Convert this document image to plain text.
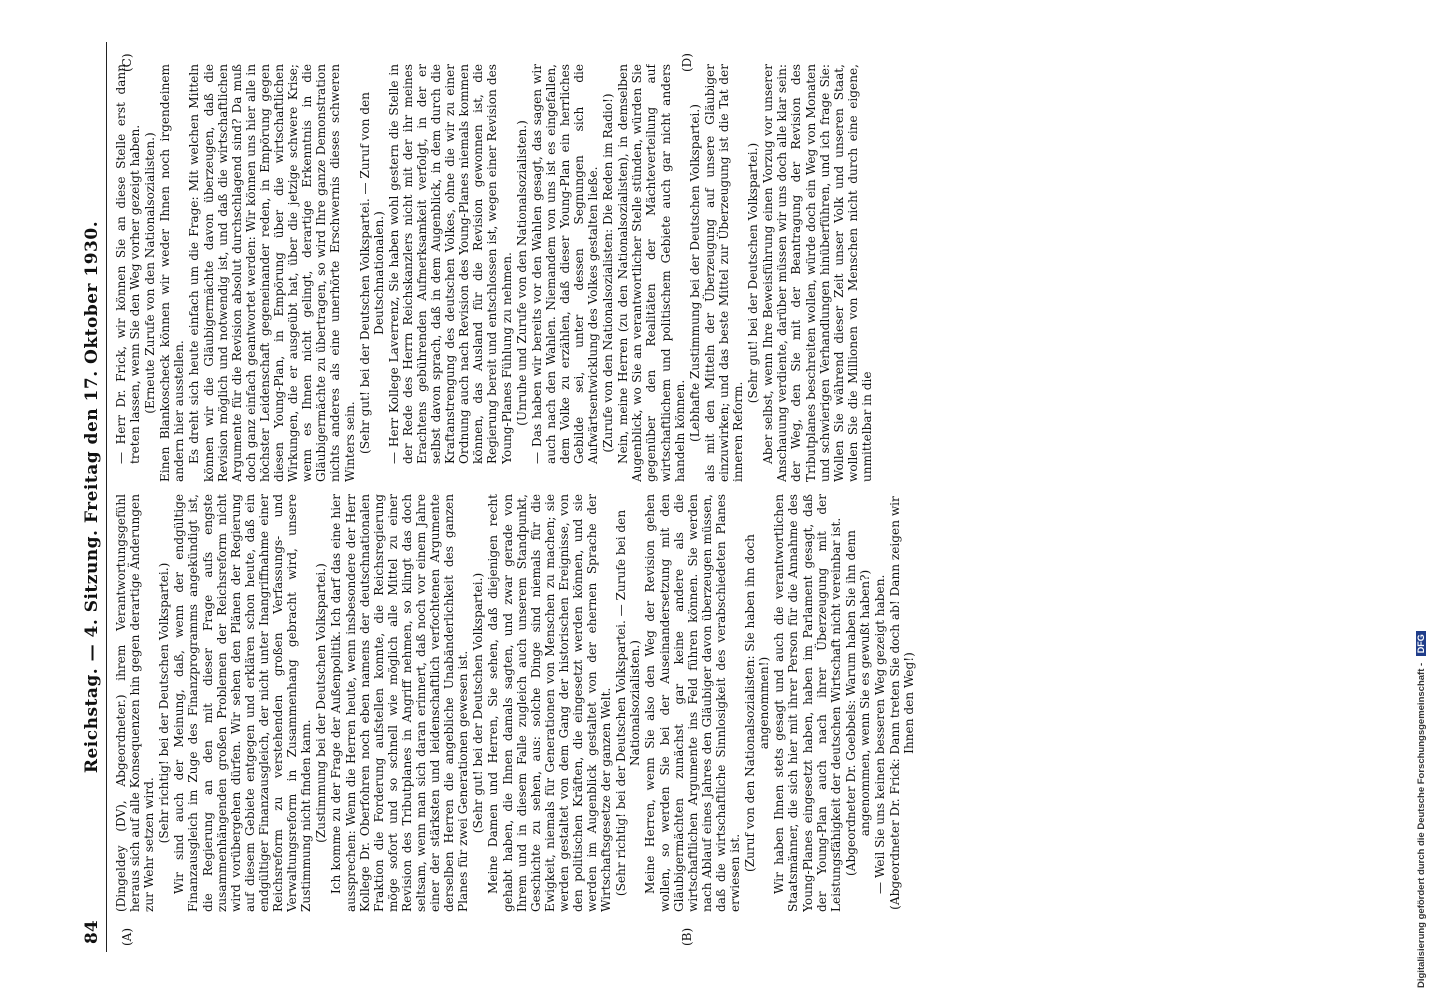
84
Reichstag. — 4. Sitzung. Freitag den 17. Oktober 1930.
(A)	(B)
(C)	(D)

(Dingeldey (DV), Abgeordneter.) ihrem Verantwortungsgefühl heraus sich auf alle Konsequenzen hin gegen derartige Änderungen zur Wehr setzen wird.

(Sehr richtig! bei der Deutschen Volkspartei.) Wir sind auch der Meinung, daß, wenn der endgültige Finanzausgleich im Zuge des Finanzprogramms angekündigt ist, die Regierung an den mit dieser Frage aufs engste zusammenhängenden großen Problemen der Reichsreform nicht wird vorübergehen dürfen. Wir sehen den Plänen der Regierung auf diesem Gebiete entgegen und erklären schon heute, daß ein endgültiger Finanzausgleich, der nicht unter Inangriffnahme einer Reichsreform zu verstehenden großen Verfassungs- und Verwaltungsreform in Zusammenhang gebracht wird, unsere Zustimmung nicht finden kann. (Zustimmung bei der Deutschen Volkspartei.) Ich komme zu der Frage der Außenpolitik. Ich darf das eine hier aussprechen: Wenn die Herren heute, wenn insbesondere der Herr Kollege Dr. Oberfohren noch eben namens der deutschnationalen Fraktion die Forderung aufstellen konnte, die Reichsregierung möge sofort und so schnell wie möglich alle Mittel zu einer Revision des Tributplanes in Angriff nehmen, so klingt das doch seltsam, wenn man sich daran erinnert, daß noch vor einem Jahre einer der stärksten und leidenschaftlich verfochtenen Argumente derselben Herren die angebliche Unabänderlichkeit des ganzen Planes für zwei Generationen gewesen ist. (Sehr gut! bei der Deutschen Volkspartei.) Meine Damen und Herren, Sie sehen, daß diejenigen recht gehabt haben, die Ihnen damals sagten, und zwar gerade von Ihrem und in diesem Falle zugleich auch unserem Standpunkt, Geschichte zu sehen, aus: solche Dinge sind niemals für die Ewigkeit, niemals für Generationen von Menschen zu machen; sie werden gestaltet von dem Gang der historischen Ereignisse, von den politischen Kräften, die eingesetzt werden können, und sie werden im Augenblick gestaltet von der ehernen Sprache der Wirtschaftsgesetze der ganzen Welt. (Sehr richtig! bei der Deutschen Volkspartei. — Zurufe bei den Nationalsozialisten.) Meine Herren, wenn Sie also den Weg der Revision gehen wollen, so werden Sie bei der Auseinandersetzung mit den Gläubigermächten zunächst gar keine andere als die wirtschaftlichen Argumente ins Feld führen können. Sie werden nach Ablauf eines Jahres den Gläubiger davon überzeugen müssen, daß die wirtschaftliche Sinnlosigkeit des verabschiedeten Planes erwiesen ist.

(Zuruf von den Nationalsozialisten: Sie haben ihn doch angenommen!) Wir haben Ihnen stets gesagt und auch die verantwortlichen Staatsmänner, die sich hier mit ihrer Person für die Annahme des Young-Planes eingesetzt haben, haben im Parlament gesagt, daß der Young-Plan auch nach ihrer Überzeugung mit der Leistungsfähigkeit der deutschen Wirtschaft nicht vereinbar ist. (Abgeordneter Dr. Goebbels: Warum haben Sie ihn denn angenommen, wenn Sie es gewußt haben?) — Weil Sie uns keinen besseren Weg gezeigt haben. (Abgeordneter Dr. Frick: Dann treten Sie doch ab! Dann zeigen wir Ihnen den Weg!)

— Herr Dr. Frick, wir können Sie an diese Stelle erst dann treten lassen, wenn Sie den Weg vorher gezeigt haben. (Erneute Zurufe von den Nationalsozialisten.) Einen Blankoscheck können wir weder Ihnen noch irgendeinem andern hier ausstellen. Es dreht sich heute einfach um die Frage: Mit welchen Mitteln können wir die Gläubigermächte davon überzeugen, daß die Revision möglich und notwendig ist, und daß die wirtschaftlichen Argumente für die Revision absolut durchschlagend sind? Da muß doch ganz einfach geantwortet werden: Wir können uns hier alle in höchster Leidenschaft gegeneinander reden, in Empörung gegen diesen Young-Plan, in Empörung über die wirtschaftlichen Wirkungen, die er ausgeübt hat, über die jetzige schwere Krise; wenn es Ihnen nicht gelingt, derartige Erkenntnis in die Gläubigermächte zu übertragen, so wird Ihre ganze Demonstration nichts anderes als eine unerhörte Erschwernis dieses schweren Winters sein. (Sehr gut! bei der Deutschen Volkspartei. — Zuruf von den Deutschnationalen.) — Herr Kollege Laverrenz, Sie haben wohl gestern die Stelle in der Rede des Herrn Reichskanzlers nicht mit der ihr meines Erachtens gebührenden Aufmerksamkeit verfolgt, in der er selbst davon sprach, daß in dem Augenblick, in dem durch die Kraftanstrengung des deutschen Volkes, ohne die wir zu einer Ordnung auch nach Revision des Young-Planes niemals kommen können, das Ausland für die Revision gewonnen ist, die Regierung bereit und entschlossen ist, wegen einer Revision des Young-Planes Fühlung zu nehmen. (Unruhe und Zurufe von den Nationalsozialisten.) — Das haben wir bereits vor den Wahlen gesagt, das sagen wir auch nach den Wahlen. Niemandem von uns ist es eingefallen, dem Volke zu erzählen, daß dieser Young-Plan ein herrliches Gebilde sei, unter dessen Segnungen sich die Aufwärtsentwicklung des Volkes gestalten ließe. (Zurufe von den Nationalsozialisten: Die Reden im Radio!) Nein, meine Herren (zu den Nationalsozialisten), in demselben Augenblick, wo Sie an verantwortlicher Stelle stünden, würden Sie gegenüber den Realitäten der Mächteverteilung auf wirtschaftlichem und politischem Gebiete auch gar nicht anders handeln können. (Lebhafte Zustimmung bei der Deutschen Volkspartei.) als mit den Mitteln der Überzeugung auf unsere Gläubiger einzuwirken; und das beste Mittel zur Überzeugung ist die Tat der inneren Reform.

(Sehr gut! bei der Deutschen Volkspartei.) Aber selbst, wenn Ihre Beweisführung einen Vorzug vor unserer Anschauung verdiente, darüber müssen wir uns doch alle klar sein: der Weg, den Sie mit der Beantragung der Revision des Tributplanes beschreiten wollen, würde doch ein Weg von Monaten und schwierigen Verhandlungen hinüberführen, und ich frage Sie: Wollen Sie während dieser Zeit unser Volk und unseren Staat, wollen Sie die Millionen von Menschen nicht durch eine eigene, unmittelbar in die

Digitalisierung gefördert durch die Deutsche Forschungsgemeinschaft - DFG
